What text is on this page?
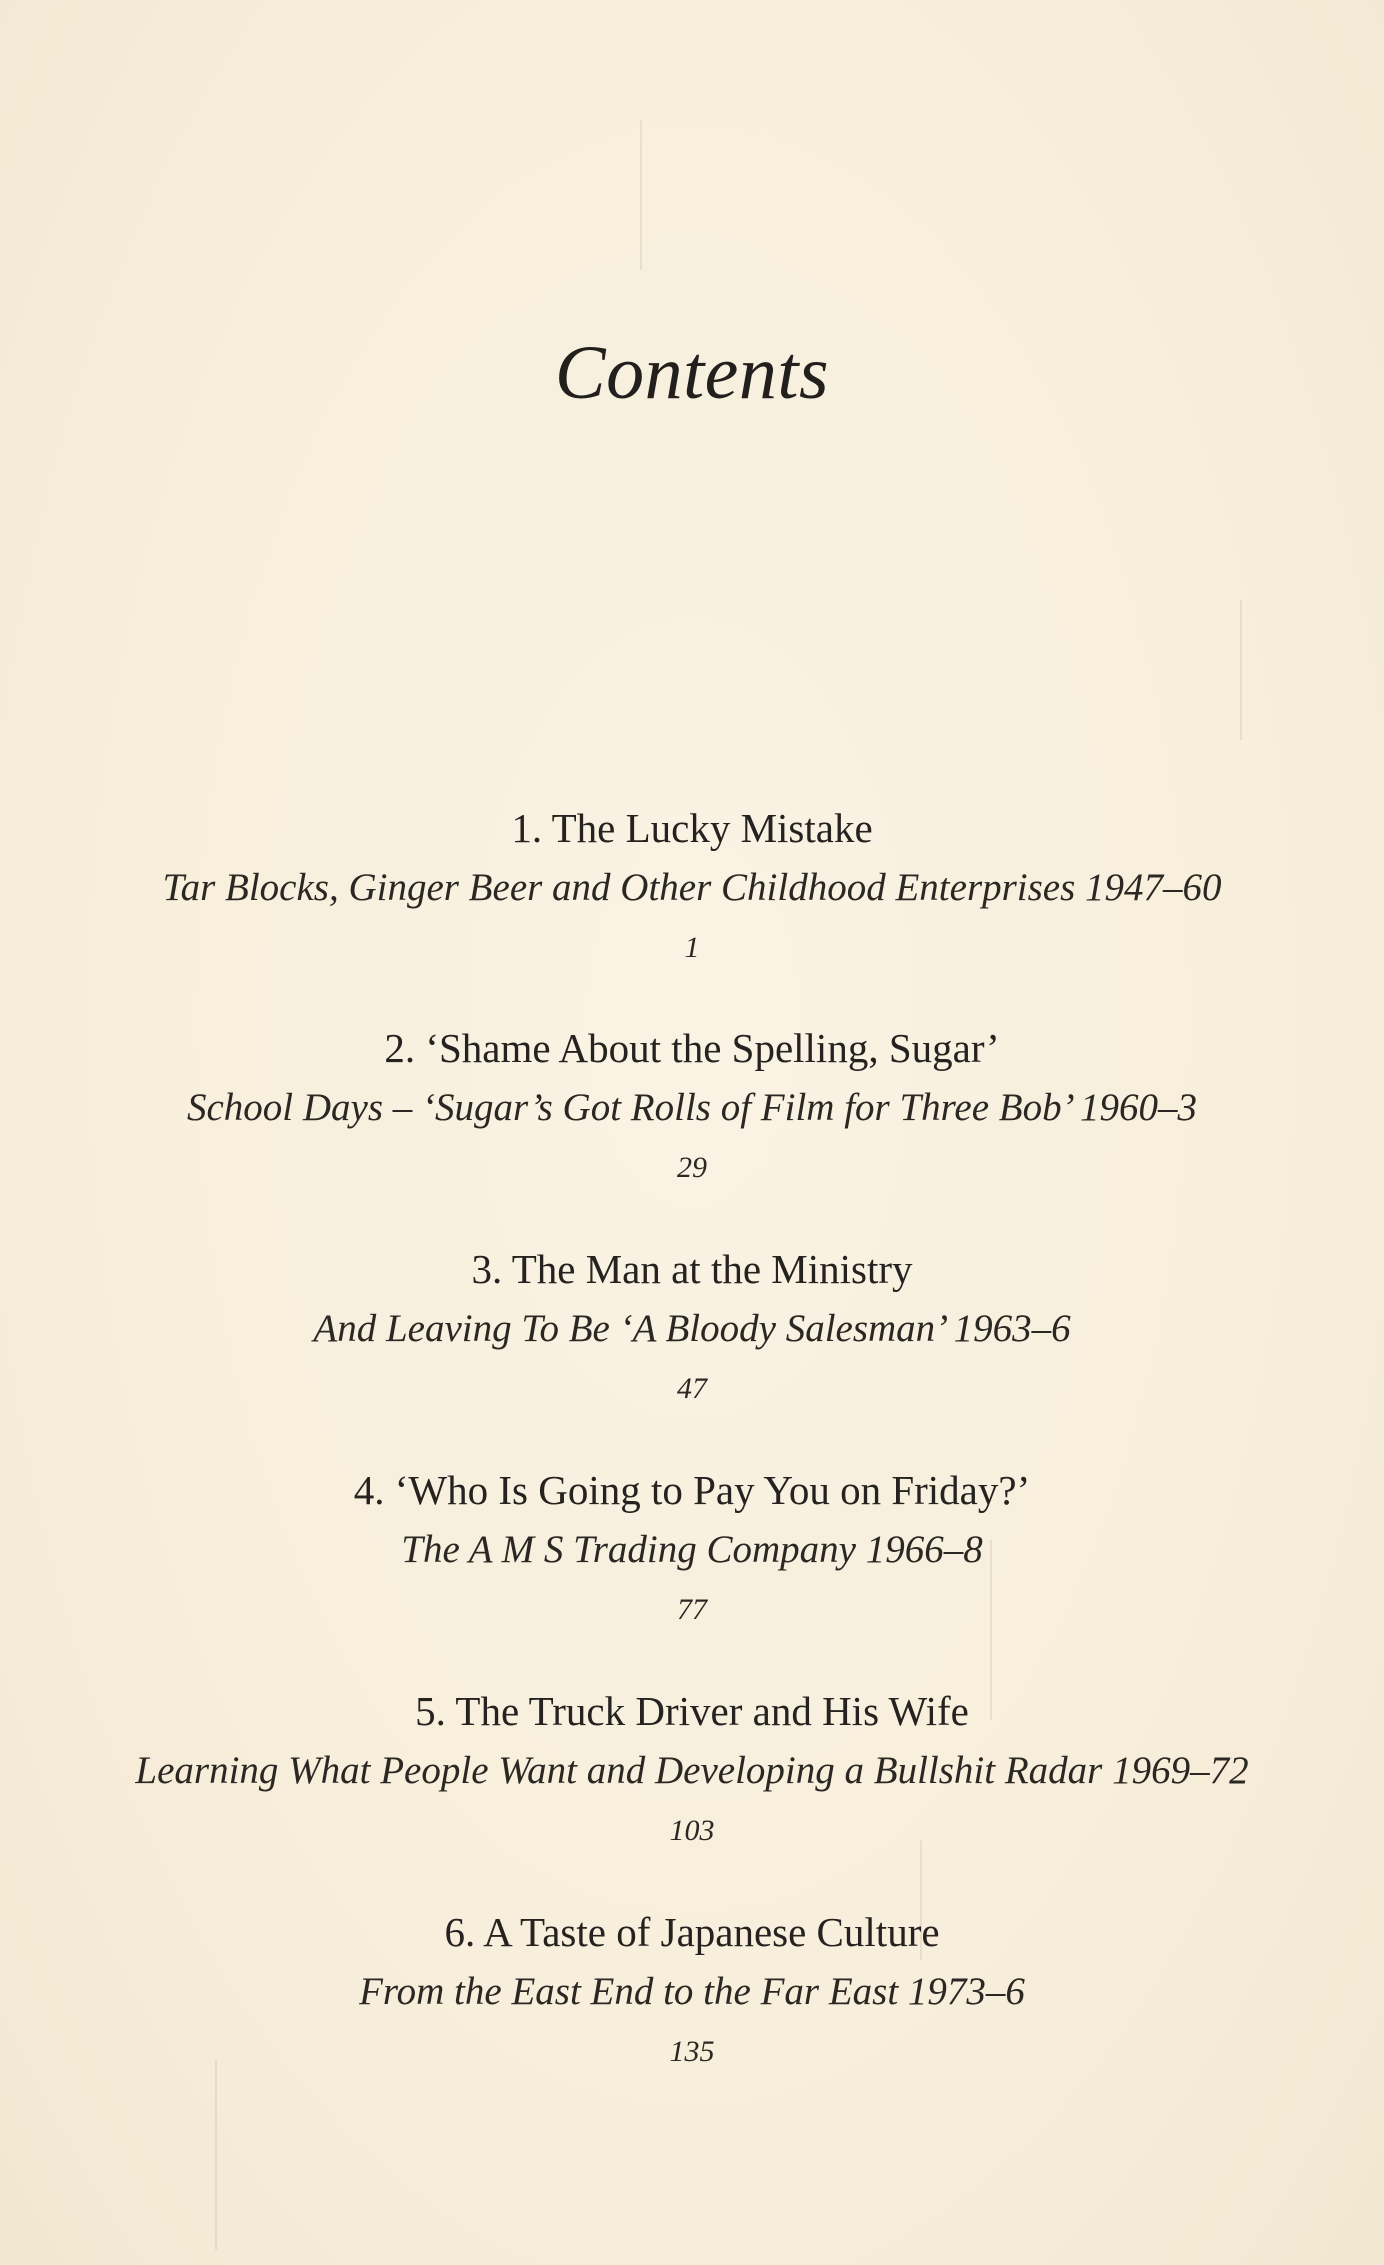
Contents
1. The Lucky Mistake
Tar Blocks, Ginger Beer and Other Childhood Enterprises 1947–60
1
2. ‘Shame About the Spelling, Sugar’
School Days – ‘Sugar’s Got Rolls of Film for Three Bob’ 1960–3
29
3. The Man at the Ministry
And Leaving To Be ‘A Bloody Salesman’ 1963–6
47
4. ‘Who Is Going to Pay You on Friday?’
The A M S Trading Company 1966–8
77
5. The Truck Driver and His Wife
Learning What People Want and Developing a Bullshit Radar 1969–72
103
6. A Taste of Japanese Culture
From the East End to the Far East 1973–6
135
